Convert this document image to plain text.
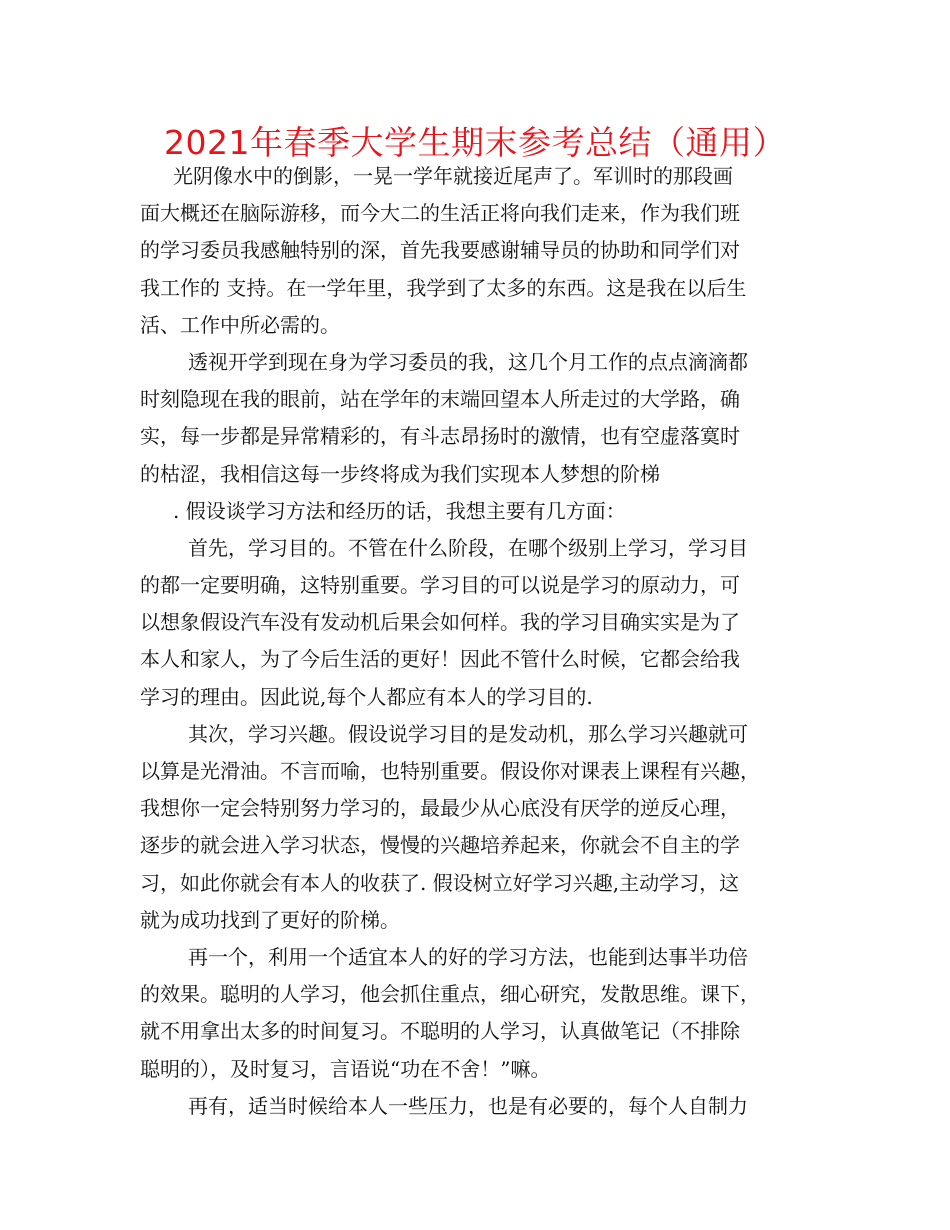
2021年春季大学生期末参考总结（通用）
光阴像水中的倒影，一晃一学年就接近尾声了。军训时的那段画
面大概还在脑际游移，而今大二的生活正将向我们走来，作为我们班
的学习委员我感触特别的深，首先我要感谢辅导员的协助和同学们对
我工作的 支持。在一学年里，我学到了太多的东西。这是我在以后生
活、工作中所必需的。
透视开学到现在身为学习委员的我，这几个月工作的点点滴滴都
时刻隐现在我的眼前，站在学年的末端回望本人所走过的大学路，确
实，每一步都是异常精彩的，有斗志昂扬时的激情，也有空虚落寞时
的枯涩，我相信这每一步终将成为我们实现本人梦想的阶梯
. 假设谈学习方法和经历的话，我想主要有几方面：
首先，学习目的。不管在什么阶段，在哪个级别上学习，学习目
的都一定要明确，这特别重要。学习目的可以说是学习的原动力，可
以想象假设汽车没有发动机后果会如何样。我的学习目确实实是为了
本人和家人，为了今后生活的更好！因此不管什么时候，它都会给我
学习的理由。因此说,每个人都应有本人的学习目的.
其次，学习兴趣。假设说学习目的是发动机，那么学习兴趣就可
以算是光滑油。不言而喻，也特别重要。假设你对课表上课程有兴趣，
我想你一定会特别努力学习的，最最少从心底没有厌学的逆反心理，
逐步的就会进入学习状态，慢慢的兴趣培养起来，你就会不自主的学
习，如此你就会有本人的收获了. 假设树立好学习兴趣,主动学习，这
就为成功找到了更好的阶梯。
再一个，利用一个适宜本人的好的学习方法，也能到达事半功倍
的效果。聪明的人学习，他会抓住重点，细心研究，发散思维。课下，
就不用拿出太多的时间复习。不聪明的人学习，认真做笔记（不排除
聪明的），及时复习，言语说“功在不舍！”嘛。
再有，适当时候给本人一些压力，也是有必要的，每个人自制力
